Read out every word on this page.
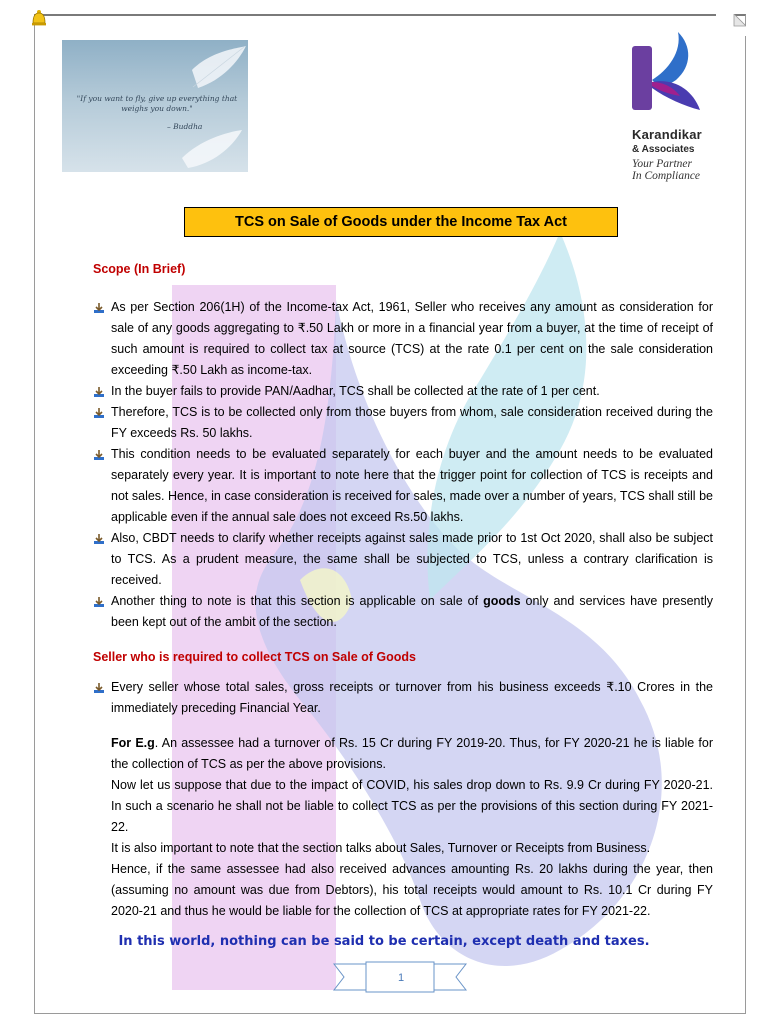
"If you want to fly, give up everything that weighs you down."
– Buddha
Karandikar
& Associates
Your Partner
In Compliance
TCS on Sale of Goods under the Income Tax Act
Scope (In Brief)
As per Section 206(1H) of the Income-tax Act, 1961, Seller who receives any amount as consideration for sale of any goods aggregating to ₹.50 Lakh or more in a financial year from a buyer, at the time of receipt of such amount is required to collect tax at source (TCS) at the rate 0.1 per cent on the sale consideration exceeding ₹.50 Lakh as income-tax.
In the buyer fails to provide PAN/Aadhar, TCS shall be collected at the rate of 1 per cent.
Therefore, TCS is to be collected only from those buyers from whom, sale consideration received during the FY exceeds Rs. 50 lakhs.
This condition needs to be evaluated separately for each buyer and the amount needs to be evaluated separately every year. It is important to note here that the trigger point for collection of TCS is receipts and not sales. Hence, in case consideration is received for sales, made over a number of years, TCS shall still be applicable even if the annual sale does not exceed Rs.50 lakhs.
Also, CBDT needs to clarify whether receipts against sales made prior to 1st Oct 2020, shall also be subject to TCS. As a prudent measure, the same shall be subjected to TCS, unless a contrary clarification is received.
Another thing to note is that this section is applicable on sale of goods only and services have presently been kept out of the ambit of the section.
Seller who is required to collect TCS on Sale of Goods
Every seller whose total sales, gross receipts or turnover from his business exceeds ₹.10 Crores in the immediately preceding Financial Year.
For E.g. An assessee had a turnover of Rs. 15 Cr during FY 2019-20. Thus, for FY 2020-21 he is liable for the collection of TCS as per the above provisions.
Now let us suppose that due to the impact of COVID, his sales drop down to Rs. 9.9 Cr during FY 2020-21. In such a scenario he shall not be liable to collect TCS as per the provisions of this section during FY 2021-22.
It is also important to note that the section talks about Sales, Turnover or Receipts from Business.
Hence, if the same assessee had also received advances amounting Rs. 20 lakhs during the year, then (assuming no amount was due from Debtors), his total receipts would amount to Rs. 10.1 Cr during FY 2020-21 and thus he would be liable for the collection of TCS at appropriate rates for FY 2021-22.
In this world, nothing can be said to be certain, except death and taxes.
1
